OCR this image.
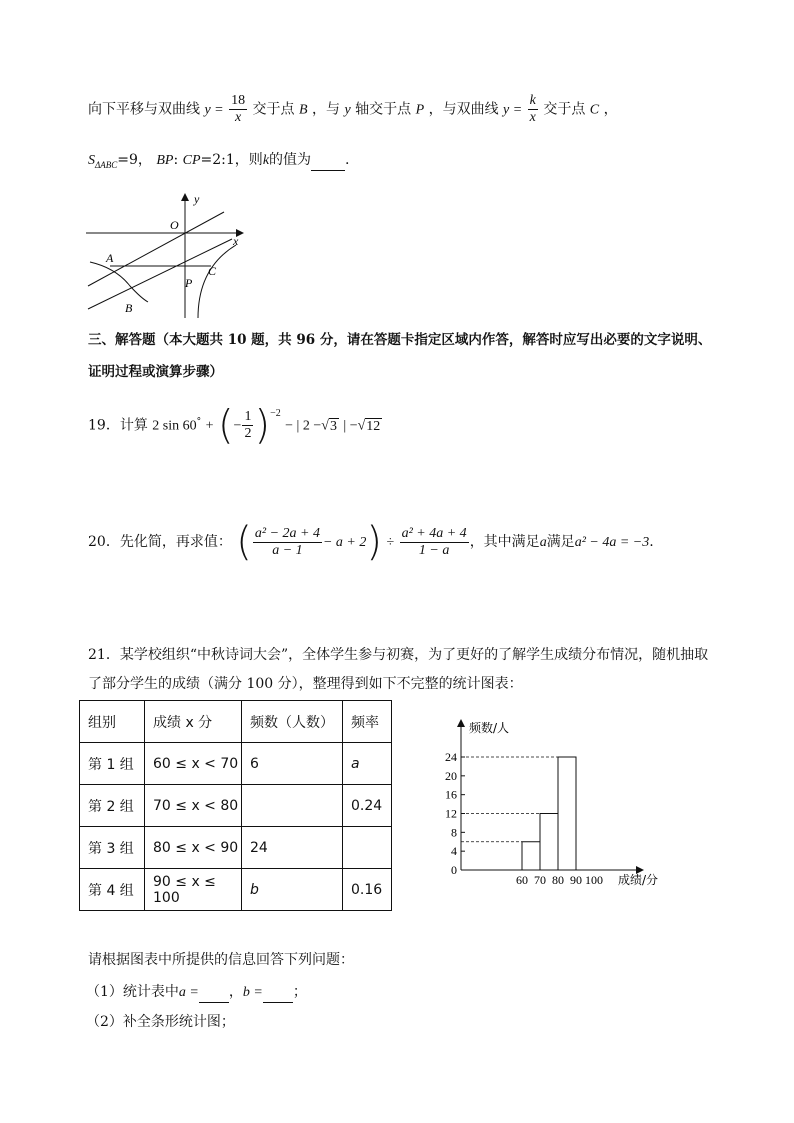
向下平移与双曲线 $y = \frac{18}{x}$ 交于点 B ，与 y 轴交于点 P ，与双曲线 $y = \frac{k}{x}$ 交于点 C ，
$S_{\Delta ABC}=9$， BP: CP=2:1，则k的值为 .
y
x
O
A
B
C
P
三、解答题（本大题共 10 题，共 96 分，请在答题卡指定区域内作答，解答时应写出必要的文字说明、
证明过程或演算步骤）
19．计算 2 sin 60° + (− $\frac{1}{2} )^{-2}$ − | 2 −√3 | −√12
20．先化简，再求值： ( $\frac{\text{a² − 2a + 4}}{a - 1} - a + 2) \div \frac{\text{a² + 4a + 4}}{1 - a}$ ，其中满足a满足a² − 4a = −3.
21．某学校组织“中秋诗词大会”，全体学生参与初赛，为了更好的了解学生成绩分布情况，随机抽取
了部分学生的成绩（满分 100 分），整理得到如下不完整的统计图表：
组别	成绩 x 分	频数（人数）	频率
第 1 组	60 ≤ x < 70	6	a
第 2 组	70 ≤ x < 80		0.24
第 3 组	80 ≤ x < 90	24	
第 4 组	90 ≤ x ≤ 100	b	0.16
频数/人
成绩/分
0
4
8
12
16
20
24
60 70 80 90 100
请根据图表中所提供的信息回答下列问题：
（1）统计表中a = ，b = ；
（2）补全条形统计图；
